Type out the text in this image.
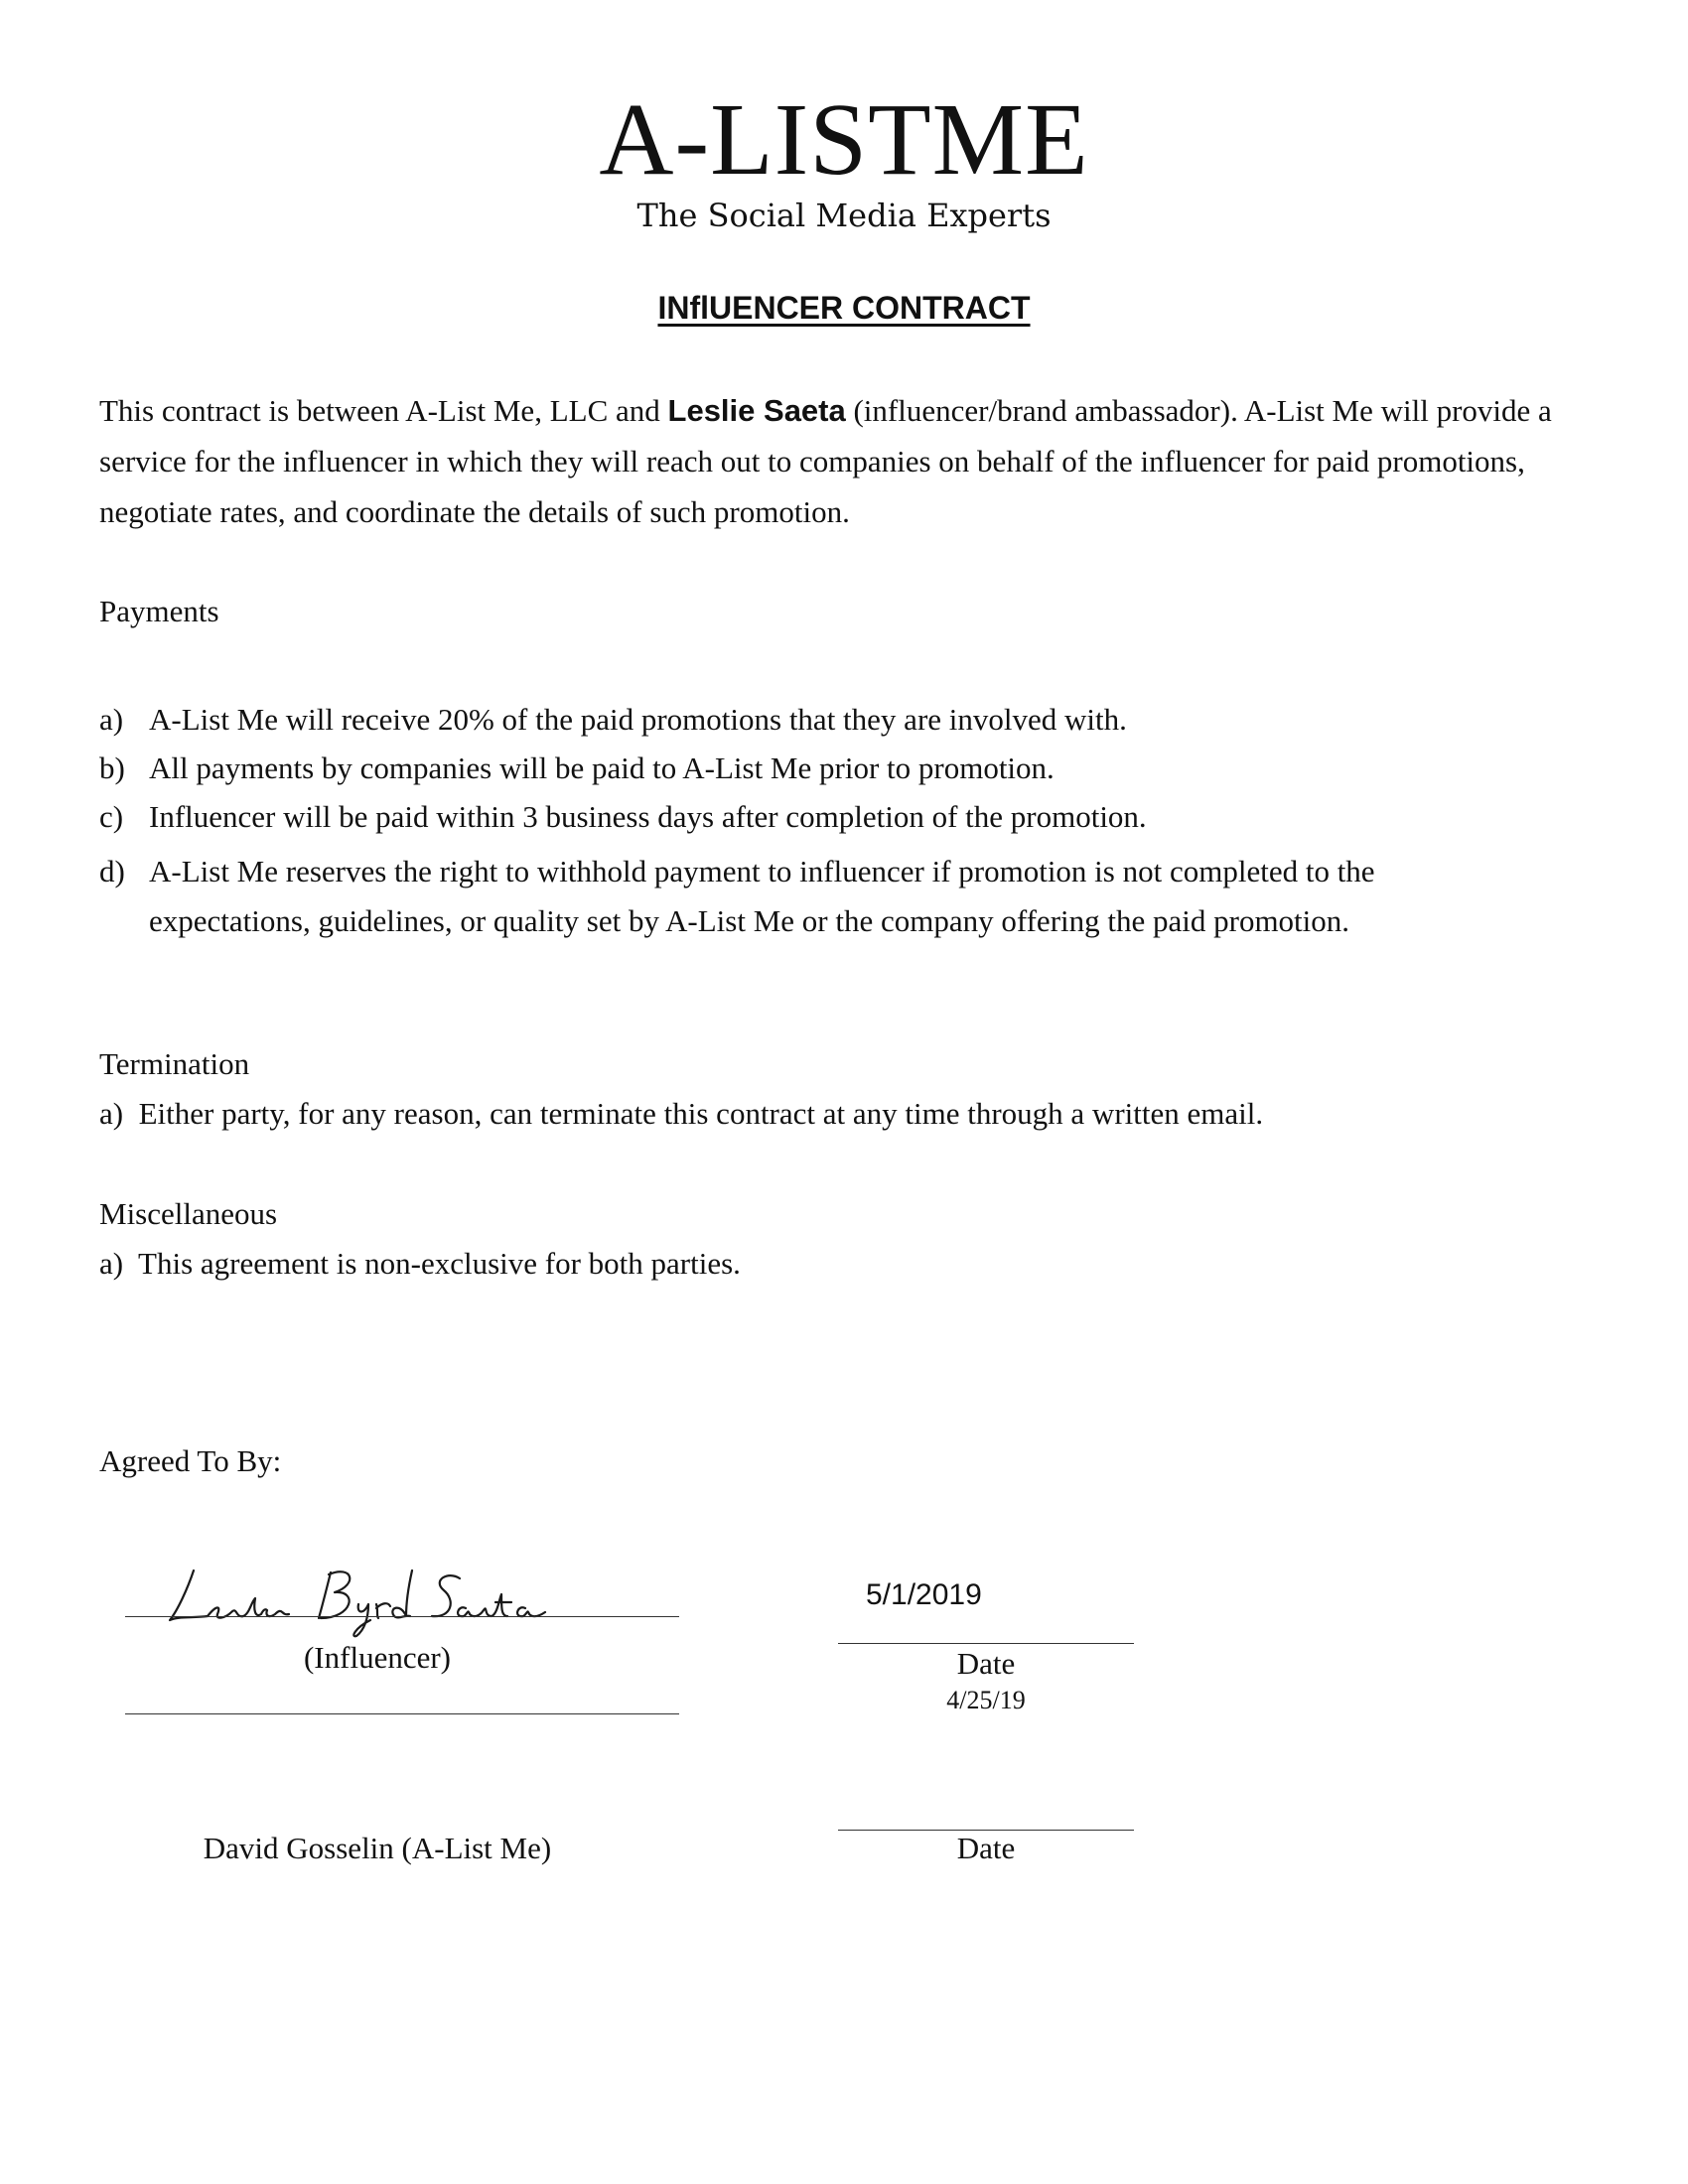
A-LISTME
The Social Media Experts
INflUENCER CONTRACT
This contract is between A-List Me, LLC and Leslie Saeta (influencer/brand ambassador). A-List Me will provide a service for the influencer in which they will reach out to companies on behalf of the influencer for paid promotions, negotiate rates, and coordinate the details of such promotion.
Payments
a) A-List Me will receive 20% of the paid promotions that they are involved with.
b) All payments by companies will be paid to A-List Me prior to promotion.
c) Influencer will be paid within 3 business days after completion of the promotion.
d) A-List Me reserves the right to withhold payment to influencer if promotion is not completed to the expectations, guidelines, or quality set by A-List Me or the company offering the paid promotion.
Termination
a)  Either party, for any reason, can terminate this contract at any time through a written email.
Miscellaneous
a)  This agreement is non-exclusive for both parties.
Agreed To By:
(Influencer)
David Gosselin (A-List Me)
5/1/2019
Date
4/25/19
Date
